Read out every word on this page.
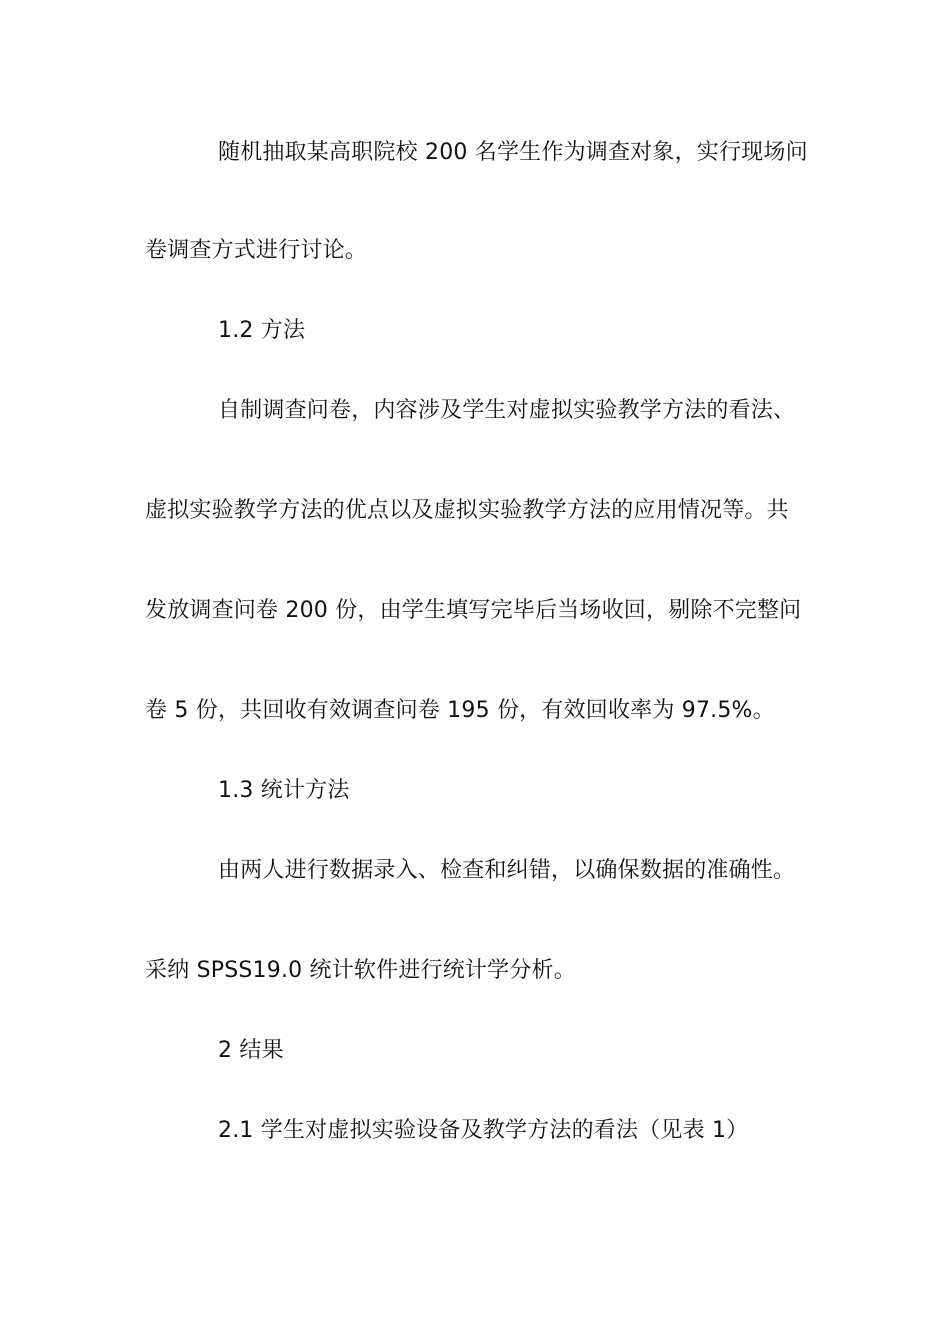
随机抽取某高职院校 200 名学生作为调查对象，实行现场问
卷调查方式进行讨论。
1.2 方法
自制调查问卷，内容涉及学生对虚拟实验教学方法的看法、
虚拟实验教学方法的优点以及虚拟实验教学方法的应用情况等。共
发放调查问卷 200 份，由学生填写完毕后当场收回，剔除不完整问
卷 5 份，共回收有效调查问卷 195 份，有效回收率为 97.5%。
1.3 统计方法
由两人进行数据录入、检查和纠错，以确保数据的准确性。
采纳 SPSS19.0 统计软件进行统计学分析。
2 结果
2.1 学生对虚拟实验设备及教学方法的看法（见表 1）
